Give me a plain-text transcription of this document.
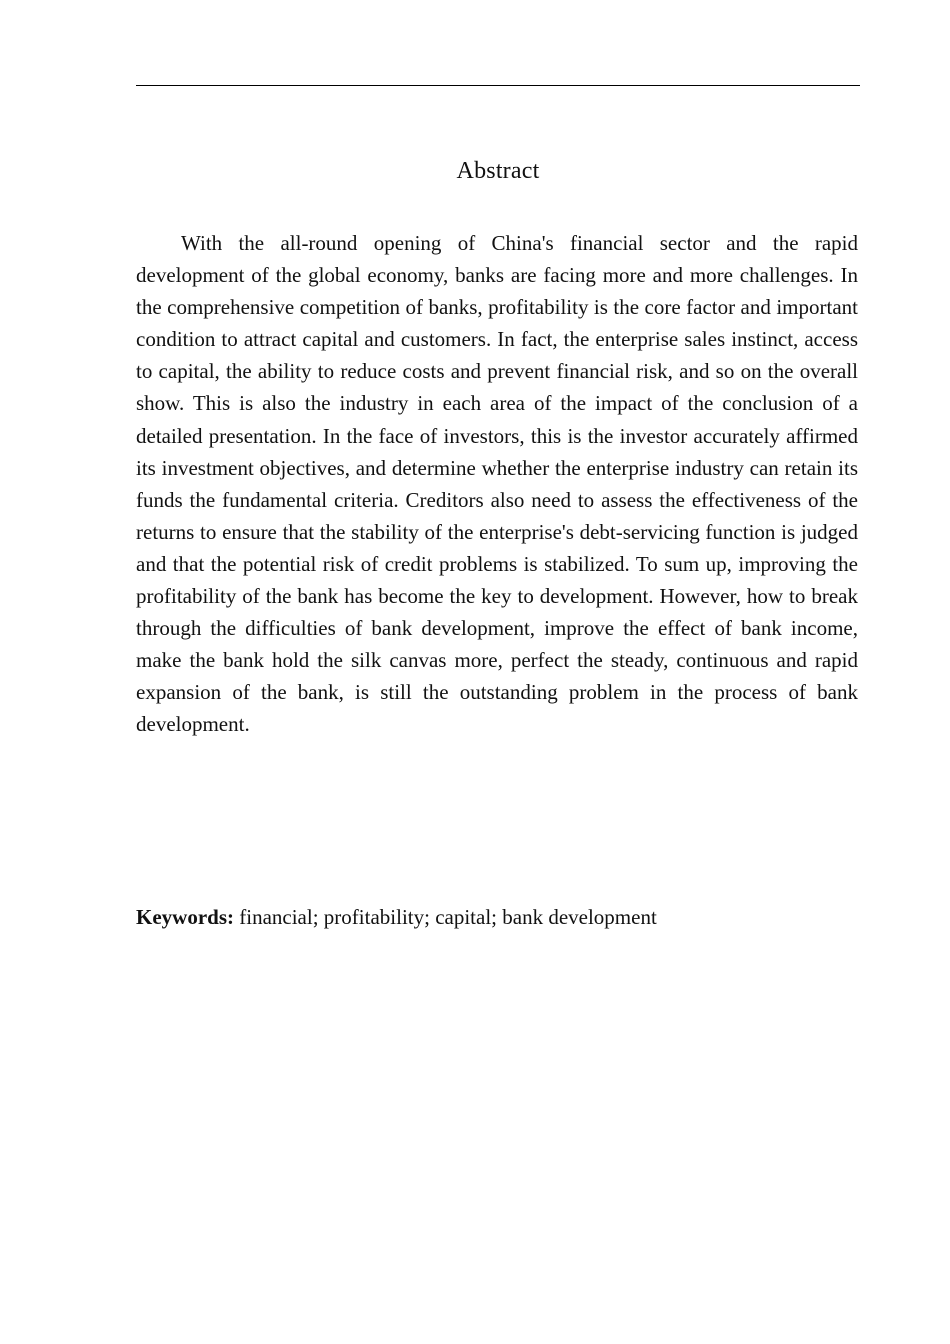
Abstract

With the all-round opening of China's financial sector and the rapid development of the global economy, banks are facing more and more challenges. In the comprehensive competition of banks, profitability is the core factor and important condition to attract capital and customers. In fact, the enterprise sales instinct, access to capital, the ability to reduce costs and prevent financial risk, and so on the overall show. This is also the industry in each area of the impact of the conclusion of a detailed presentation. In the face of investors, this is the investor accurately affirmed its investment objectives, and determine whether the enterprise industry can retain its funds the fundamental criteria. Creditors also need to assess the effectiveness of the returns to ensure that the stability of the enterprise's debt-servicing function is judged and that the potential risk of credit problems is stabilized. To sum up, improving the profitability of the bank has become the key to development. However, how to break through the difficulties of bank development, improve the effect of bank income, make the bank hold the silk canvas more, perfect the steady, continuous and rapid expansion of the bank, is still the outstanding problem in the process of bank development.

Keywords: financial; profitability; capital; bank development
